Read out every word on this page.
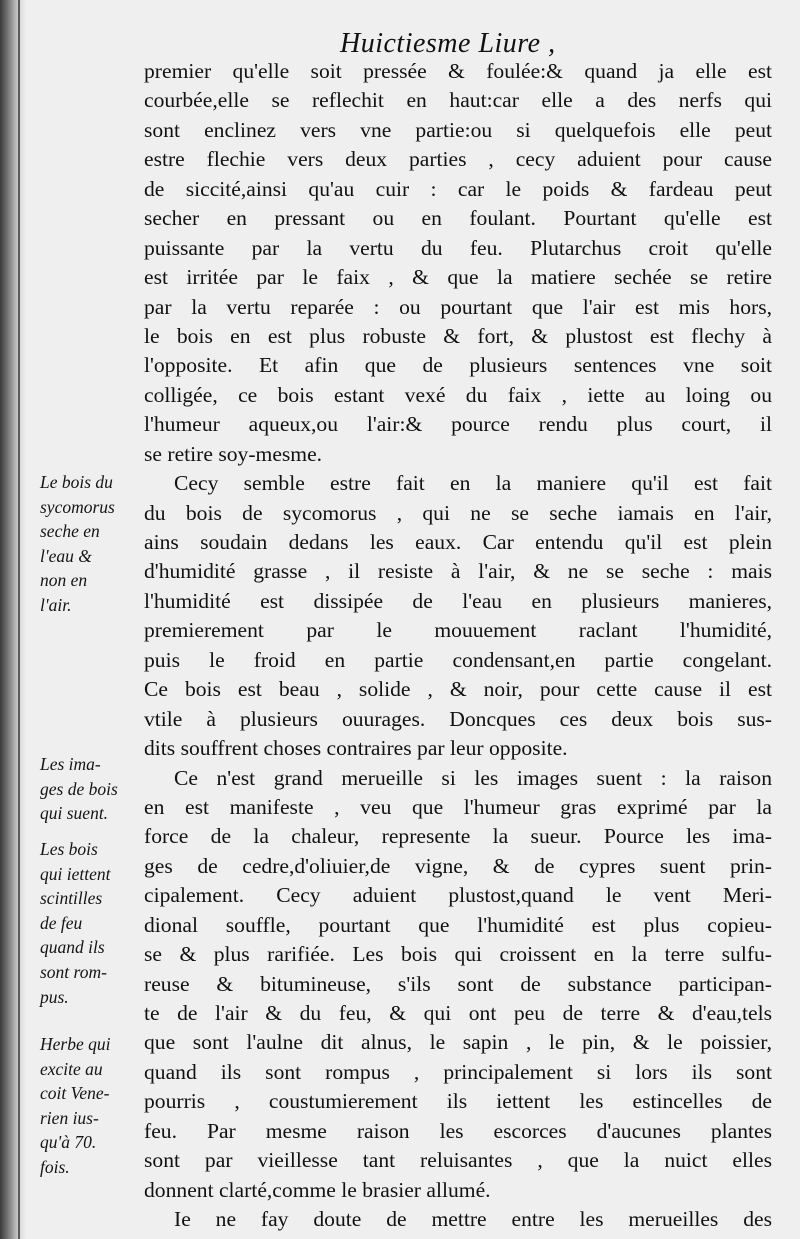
Huictiesme Liure ,
premier qu'elle soit pressée & foulée:& quand ja elle est
courbée,elle se reflechit en haut:car elle a des nerfs qui
sont enclinez vers vne partie:ou si quelquefois elle peut
estre flechie vers deux parties , cecy aduient pour cause
de siccité,ainsi qu'au cuir : car le poids & fardeau peut
secher en pressant ou en foulant. Pourtant qu'elle est
puissante par la vertu du feu. Plutarchus croit qu'elle
est irritée par le faix , & que la matiere sechée se retire
par la vertu reparée : ou pourtant que l'air est mis hors,
le bois en est plus robuste & fort, & plustost est flechy à
l'opposite. Et afin que de plusieurs sentences vne soit
colligée, ce bois estant vexé du faix , iette au loing ou
l'humeur aqueux,ou l'air:& pource rendu plus court, il
se retire soy-mesme.
Cecy semble estre fait en la maniere qu'il est fait
du bois de sycomorus , qui ne se seche iamais en l'air,
ains soudain dedans les eaux. Car entendu qu'il est plein
d'humidité grasse , il resiste à l'air, & ne se seche : mais
l'humidité est dissipée de l'eau en plusieurs manieres,
premierement par le mouuement raclant l'humidité,
puis le froid en partie condensant,en partie congelant.
Ce bois est beau , solide , & noir, pour cette cause il est
vtile à plusieurs ouurages. Doncques ces deux bois sus-
dits souffrent choses contraires par leur opposite.
Ce n'est grand merueille si les images suent : la raison
en est manifeste , veu que l'humeur gras exprimé par la
force de la chaleur, represente la sueur. Pource les ima-
ges de cedre,d'oliuier,de vigne, & de cypres suent prin-
cipalement. Cecy aduient plustost,quand le vent Meri-
dional souffle, pourtant que l'humidité est plus copieu-
se & plus rarifiée. Les bois qui croissent en la terre sulfu-
reuse & bitumineuse, s'ils sont de substance participan-
te de l'air & du feu, & qui ont peu de terre & d'eau,tels
que sont l'aulne dit alnus, le sapin , le pin, & le poissier,
quand ils sont rompus , principalement si lors ils sont
pourris , coustumierement ils iettent les estincelles de
feu. Par mesme raison les escorces d'aucunes plantes
sont par vieillesse tant reluisantes , que la nuict elles
donnent clarté,comme le brasier allumé.
Ie ne fay doute de mettre entre les merueilles des
Le bois du
sycomorus
seche en
l'eau &
non en
l'air.
Les ima-
ges de bois
qui suent.
Les bois
qui iettent
scintilles
de feu
quand ils
sont rom-
pus.
Herbe qui
excite au
coit Vene-
rien ius-
qu'à 70.
fois.
